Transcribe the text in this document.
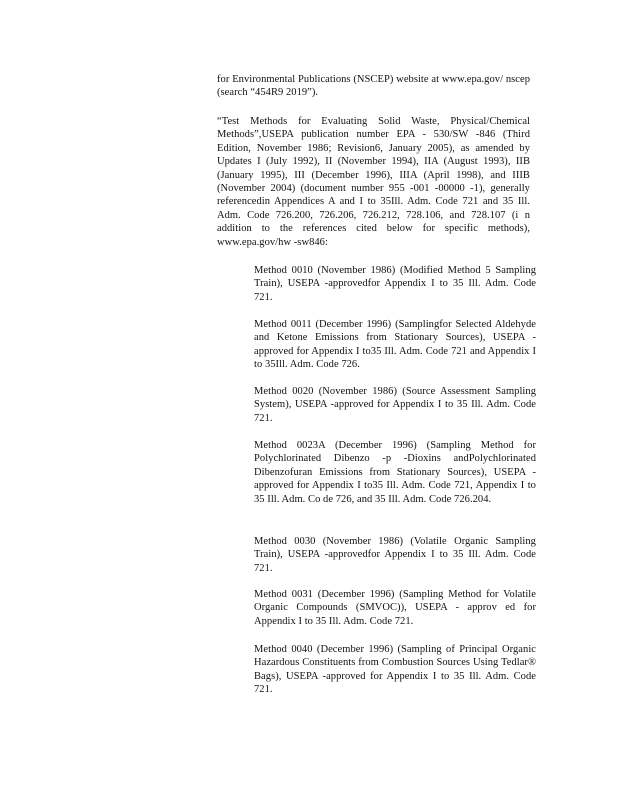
for Environmental Publications (NSCEP) website at www.epa.gov/ nscep (search “454R9 2019”).

“Test Methods for Evaluating Solid Waste, Physical/Chemical Methods”,USEPA publication number EPA - 530/SW -846 (Third Edition, November 1986; Revision6, January 2005), as amended by Updates I (July 1992), II (November 1994), IIA (August 1993), IIB (January 1995), III (December 1996), IIIA (April 1998), and IIIB (November 2004) (document number 955 -001 -00000 -1), generally referencedin Appendices A and I to 35Ill. Adm. Code 721 and 35 Ill. Adm. Code 726.200, 726.206, 726.212, 728.106, and 728.107 (i n addition to the references cited below for specific methods), www.epa.gov/hw -sw846:

Method 0010 (November 1986) (Modified Method 5 Sampling Train), USEPA -approvedfor Appendix I to 35 Ill. Adm. Code 721.

Method 0011 (December 1996) (Samplingfor Selected Aldehyde and Ketone Emissions from Stationary Sources), USEPA -approved for Appendix I to35 Ill. Adm. Code 721 and Appendix I to 35Ill. Adm. Code 726.

Method 0020 (November 1986) (Source Assessment Sampling System), USEPA -approved for Appendix I to 35 Ill. Adm. Code 721.

Method 0023A (December 1996) (Sampling Method for Polychlorinated Dibenzo -p -Dioxins andPolychlorinated Dibenzofuran Emissions from Stationary Sources), USEPA -approved for Appendix I to35 Ill. Adm. Code 721, Appendix I to 35 Ill. Adm. Co de 726, and 35 Ill. Adm. Code 726.204.

Method 0030 (November 1986) (Volatile Organic Sampling Train), USEPA -approvedfor Appendix I to 35 Ill. Adm. Code 721.

Method 0031 (December 1996) (Sampling Method for Volatile Organic Compounds (SMVOC)), USEPA - approv ed for Appendix I to 35 Ill. Adm. Code 721.

Method 0040 (December 1996) (Sampling of Principal Organic Hazardous Constituents from Combustion Sources Using Tedlar® Bags), USEPA -approved for Appendix I to 35 Ill. Adm. Code 721.
